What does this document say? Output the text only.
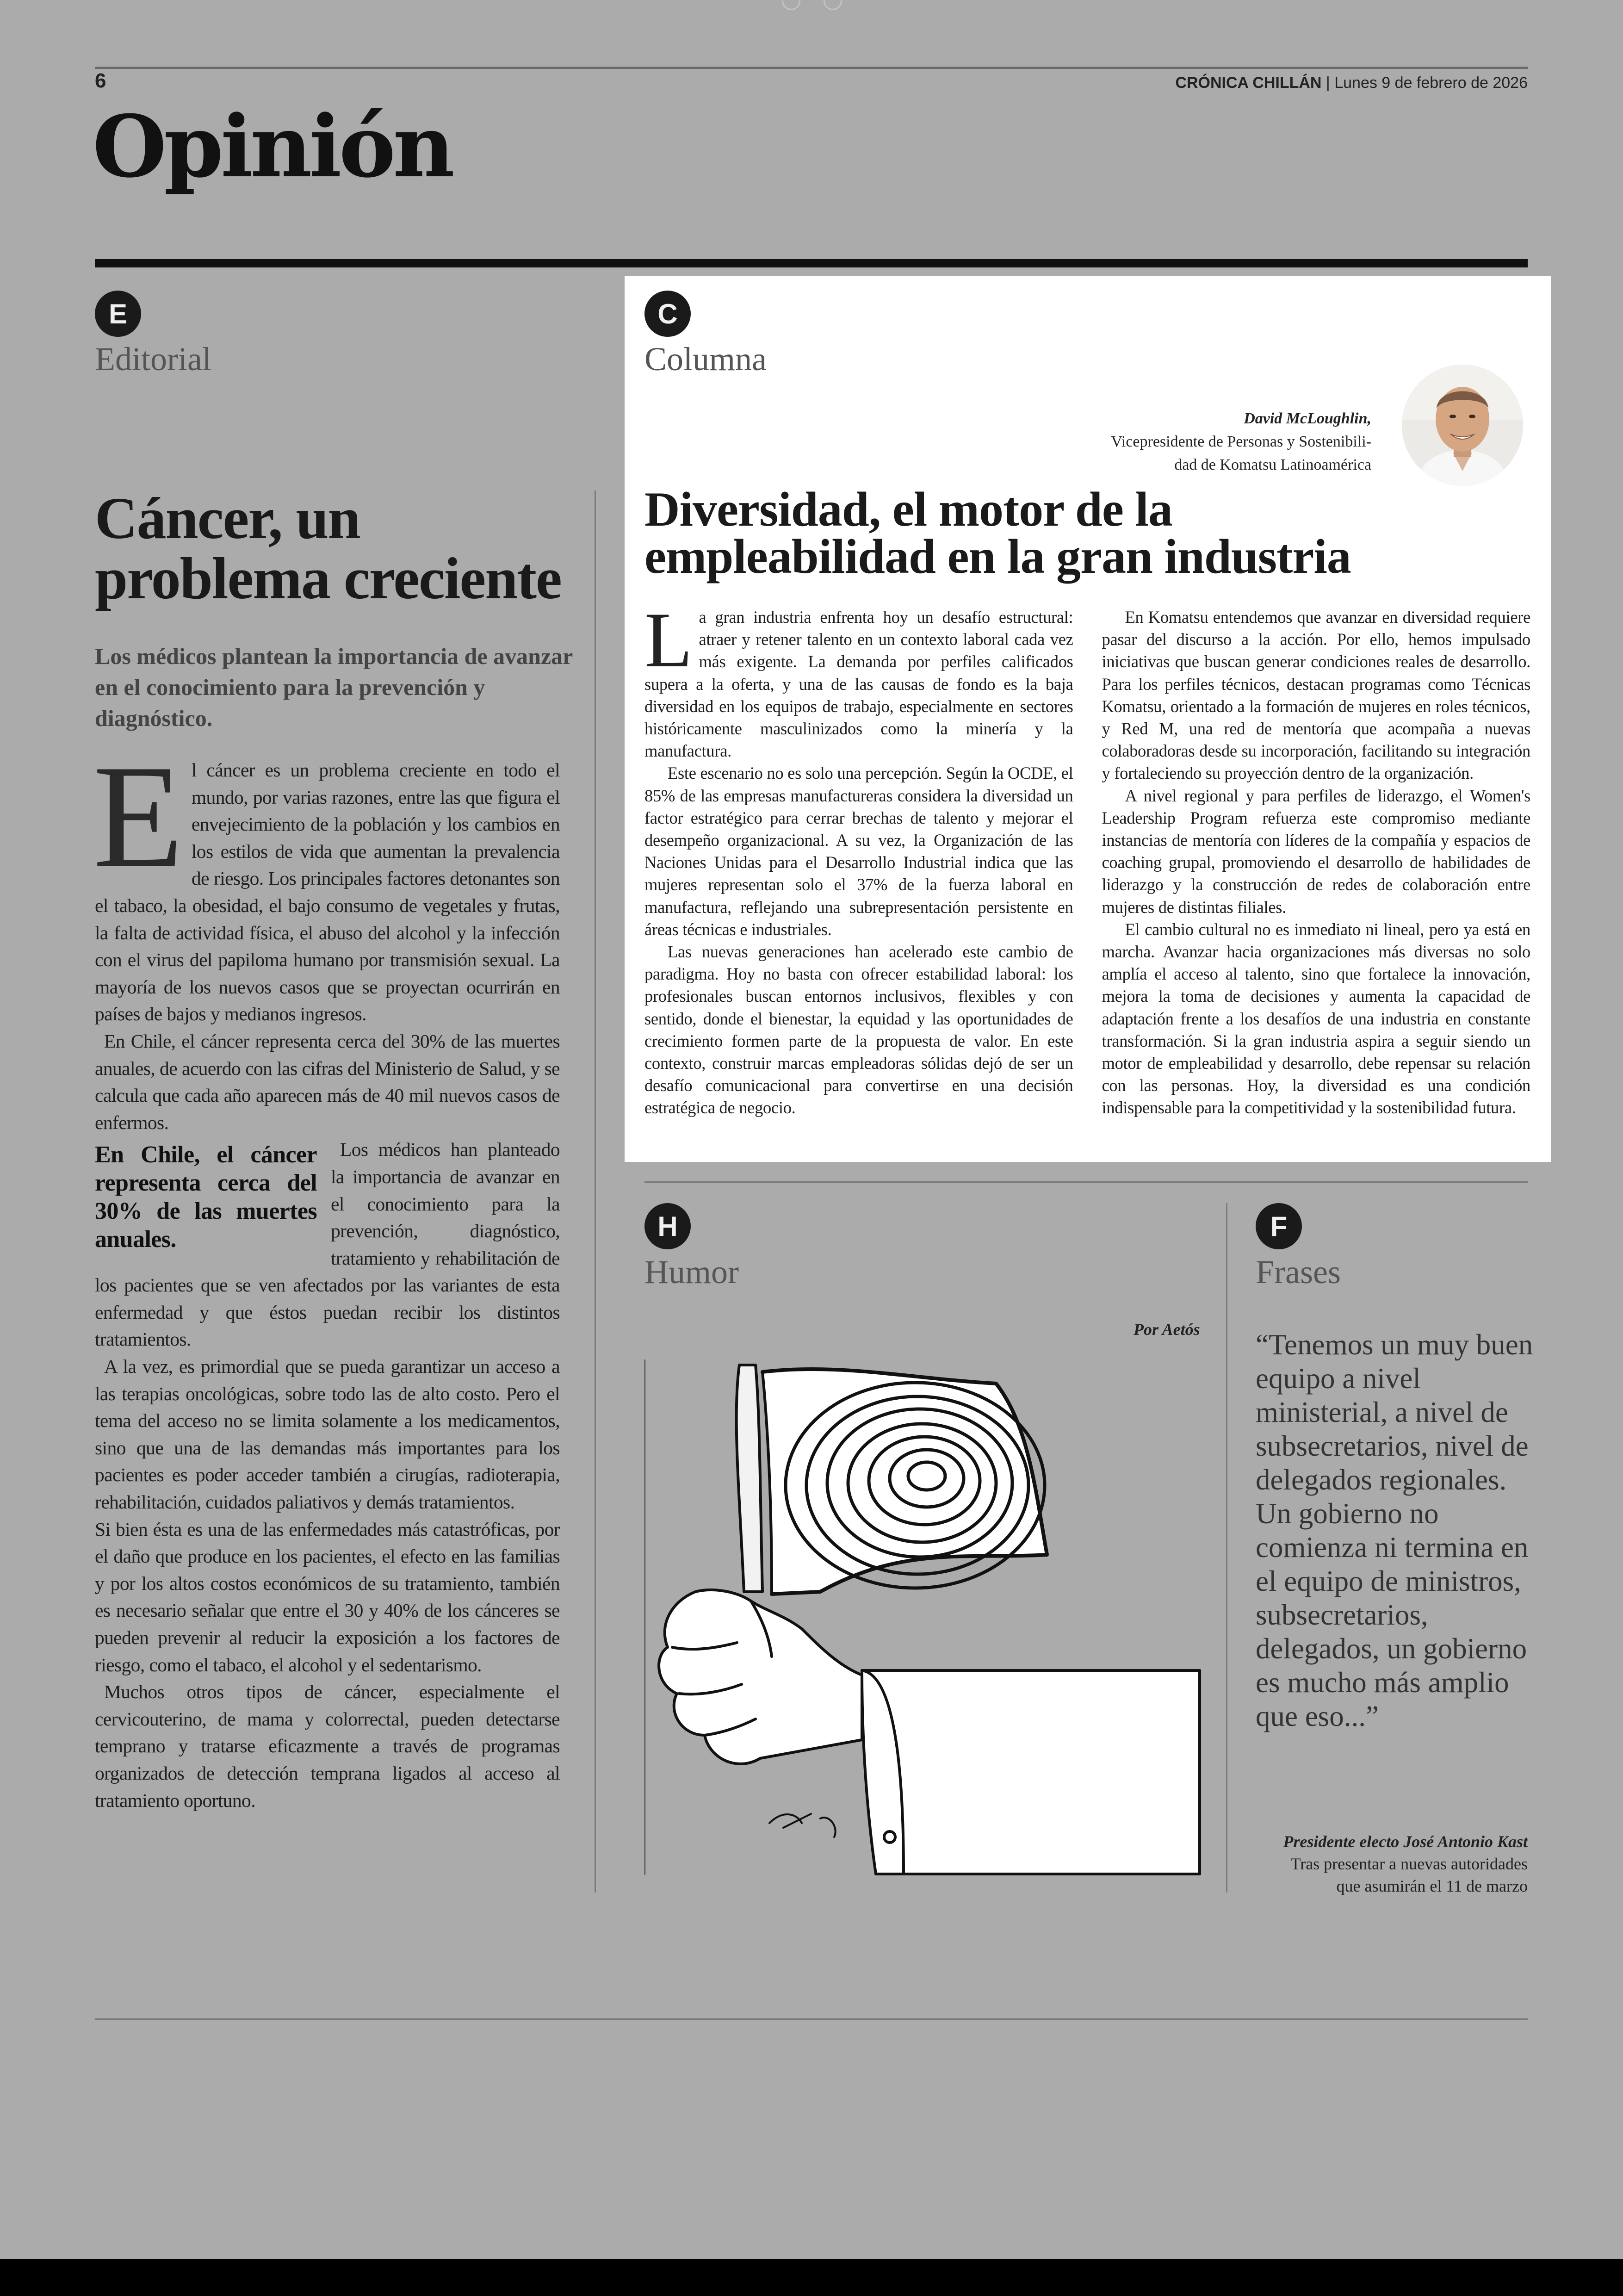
6	CRÓNICA CHILLÁN | Lunes 9 de febrero de 2026
Opinión
E
Editorial
Cáncer, un problema creciente
Los médicos plantean la importancia de avanzar en el conocimiento para la prevención y diagnóstico.

El cáncer es un problema creciente en todo el mundo, por varias razones, entre las que figura el envejecimiento de la población y los cambios en los estilos de vida que aumentan la prevalencia de riesgo. Los principales factores detonantes son el tabaco, la obesidad, el bajo consumo de vegetales y frutas, la falta de actividad física, el abuso del alcohol y la infección con el virus del papiloma humano por transmisión sexual. La mayoría de los nuevos casos que se proyectan ocurrirán en países de bajos y medianos ingresos.

En Chile, el cáncer representa cerca del 30% de las muertes anuales, de acuerdo con las cifras del Ministerio de Salud, y se calcula que cada año aparecen más de 40 mil nuevos casos de enfermos.

En Chile, el cáncer representa cerca del 30% de las muertes anuales.
Los médicos han planteado la importancia de avanzar en el conocimiento para la prevención, diagnóstico, tratamiento y rehabilitación de los pacientes que se ven afectados por las variantes de esta enfermedad y que éstos puedan recibir los distintos tratamientos.

A la vez, es primordial que se pueda garantizar un acceso a las terapias oncológicas, sobre todo las de alto costo. Pero el tema del acceso no se limita solamente a los medicamentos, sino que una de las demandas más importantes para los pacientes es poder acceder también a cirugías, radioterapia, rehabilitación, cuidados paliativos y demás tratamientos.

Si bien ésta es una de las enfermedades más catastróficas, por el daño que produce en los pacientes, el efecto en las familias y por los altos costos económicos de su tratamiento, también es necesario señalar que entre el 30 y 40% de los cánceres se pueden prevenir al reducir la exposición a los factores de riesgo, como el tabaco, el alcohol y el sedentarismo.

Muchos otros tipos de cáncer, especialmente el cervicouterino, de mama y colorrectal, pueden detectarse temprano y tratarse eficazmente a través de programas organizados de detección temprana ligados al acceso al tratamiento oportuno.

C
Columna
David McLoughlin,
Vicepresidente de Personas y Sostenibili-
dad de Komatsu Latinoamérica
Diversidad, el motor de la empleabilidad en la gran industria

La gran industria enfrenta hoy un desafío estructural: atraer y retener talento en un contexto laboral cada vez más exigente. La demanda por perfiles calificados supera a la oferta, y una de las causas de fondo es la baja diversidad en los equipos de trabajo, especialmente en sectores históricamente masculinizados como la minería y la manufactura.

Este escenario no es solo una percepción. Según la OCDE, el 85% de las empresas manufactureras considera la diversidad un factor estratégico para cerrar brechas de talento y mejorar el desempeño organizacional. A su vez, la Organización de las Naciones Unidas para el Desarrollo Industrial indica que las mujeres representan solo el 37% de la fuerza laboral en manufactura, reflejando una subrepresentación persistente en áreas técnicas e industriales.

Las nuevas generaciones han acelerado este cambio de paradigma. Hoy no basta con ofrecer estabilidad laboral: los profesionales buscan entornos inclusivos, flexibles y con sentido, donde el bienestar, la equidad y las oportunidades de crecimiento formen parte de la propuesta de valor. En este contexto, construir marcas empleadoras sólidas dejó de ser un desafío comunicacional para convertirse en una decisión estratégica de negocio.

En Komatsu entendemos que avanzar en diversidad requiere pasar del discurso a la acción. Por ello, hemos impulsado iniciativas que buscan generar condiciones reales de desarrollo. Para los perfiles técnicos, destacan programas como Técnicas Komatsu, orientado a la formación de mujeres en roles técnicos, y Red M, una red de mentoría que acompaña a nuevas colaboradoras desde su incorporación, facilitando su integración y fortaleciendo su proyección dentro de la organización.

A nivel regional y para perfiles de liderazgo, el Women's Leadership Program refuerza este compromiso mediante instancias de mentoría con líderes de la compañía y espacios de coaching grupal, promoviendo el desarrollo de habilidades de liderazgo y la construcción de redes de colaboración entre mujeres de distintas filiales.

El cambio cultural no es inmediato ni lineal, pero ya está en marcha. Avanzar hacia organizaciones más diversas no solo amplía el acceso al talento, sino que fortalece la innovación, mejora la toma de decisiones y aumenta la capacidad de adaptación frente a los desafíos de una industria en constante transformación. Si la gran industria aspira a seguir siendo un motor de empleabilidad y desarrollo, debe repensar su relación con las personas. Hoy, la diversidad es una condición indispensable para la competitividad y la sostenibilidad futura.

H
Humor
Por Aetós
F
Frases
“Tenemos un muy buen equipo a nivel ministerial, a nivel de subsecretarios, nivel de delegados regionales. Un gobierno no comienza ni termina en el equipo de ministros, subsecretarios, delegados, un gobierno es mucho más amplio que eso...”
Presidente electo José Antonio Kast
Tras presentar a nuevas autoridades
que asumirán el 11 de marzo
